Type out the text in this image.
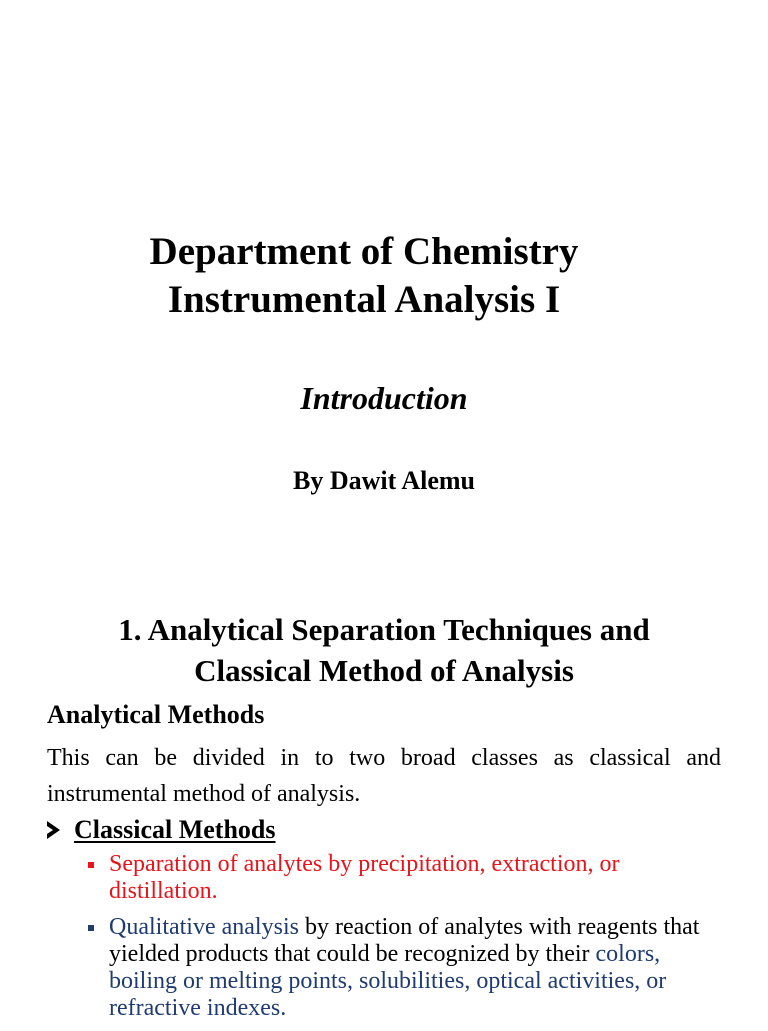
Department of Chemistry
Instrumental Analysis I

Introduction

By Dawit Alemu

1. Analytical Separation Techniques and
Classical Method of Analysis
Analytical Methods

This can be divided in to two broad classes as classical and instrumental method of analysis.

Classical Methods
Separation of analytes by precipitation, extraction, or distillation.
Qualitative analysis by reaction of analytes with reagents that yielded products that could be recognized by their colors, boiling or melting points, solubilities, optical activities, or refractive indexes.
